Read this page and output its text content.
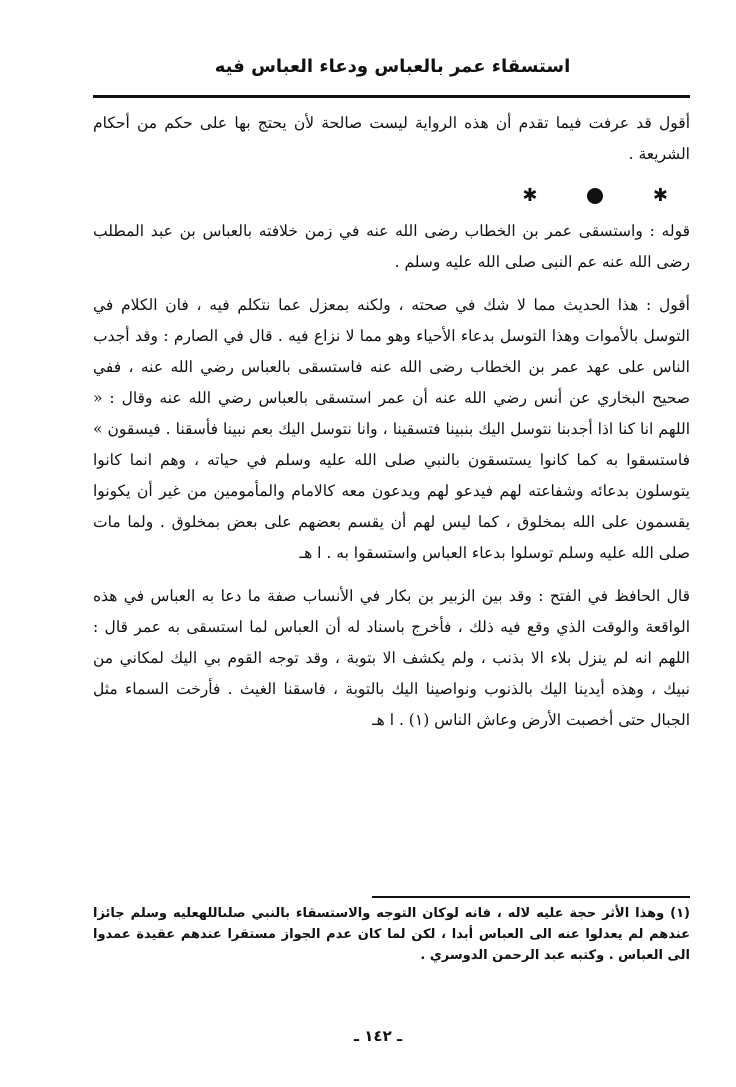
استسقاء عمر بالعباس ودعاء العباس فيه

أقول قد عرفت فيما تقدم أن هذه الرواية ليست صالحة لأن يحتج بها على حكم من أحكام الشريعة .

✱	✱

قوله : واستسقى عمر بن الخطاب رضى الله عنه في زمن خلافته بالعباس بن عبد المطلب رضى الله عنه عم النبى صلى الله عليه وسلم .

أقول : هذا الحديث مما لا شك في صحته ، ولكنه بمعزل عما نتكلم فيه ، فان الكلام في التوسل بالأموات وهذا التوسل بدعاء الأحياء وهو مما لا نزاع فيه . قال في الصارم : وقد أجدب الناس على عهد عمر بن الخطاب رضى الله عنه فاستسقى بالعباس رضي الله عنه ، ففي صحيح البخاري عن أنس رضي الله عنه أن عمر استسقى بالعباس رضي الله عنه وقال : « اللهم انا كنا اذا أجدبنا نتوسل اليك بنبينا فتسقينا ، وانا نتوسل اليك بعم نبينا فأسقنا . فيسقون » فاستسقوا به كما كانوا يستسقون بالنبي صلى الله عليه وسلم في حياته ، وهم انما كانوا يتوسلون بدعائه وشفاعته لهم فيدعو لهم ويدعون معه كالامام والمأمومين من غير أن يكونوا يقسمون على الله بمخلوق ، كما ليس لهم أن يقسم بعضهم على بعض بمخلوق . ولما مات صلى الله عليه وسلم توسلوا بدعاء العباس واستسقوا به . ا هـ

قال الحافظ في الفتح : وقد بين الزبير بن بكار في الأنساب صفة ما دعا به العباس في هذه الواقعة والوقت الذي وقع فيه ذلك ، فأخرج باسناد له أن العباس لما استسقى به عمر قال : اللهم انه لم ينزل بلاء الا بذنب ، ولم يكشف الا بتوبة ، وقد توجه القوم بي اليك لمكاني من نبيك ، وهذه أيدينا اليك بالذنوب ونواصينا اليك بالتوبة ، فاسقنا الغيث . فأرخت السماء مثل الجبال حتى أخصبت الأرض وعاش الناس (١) . ا هـ

(١) وهذا الأثر حجة عليه لاله ، فانه لوكان التوجه والاستسقاء بالنبي صلىاللهعليه وسلم جائزا عندهم لم يعدلوا عنه الى العباس أبدا ، لكن لما كان عدم الجواز مستقرا عندهم عقيدة عمدوا الى العباس . وكتبه عبد الرحمن الدوسري .

ـ ١٤٢ ـ
